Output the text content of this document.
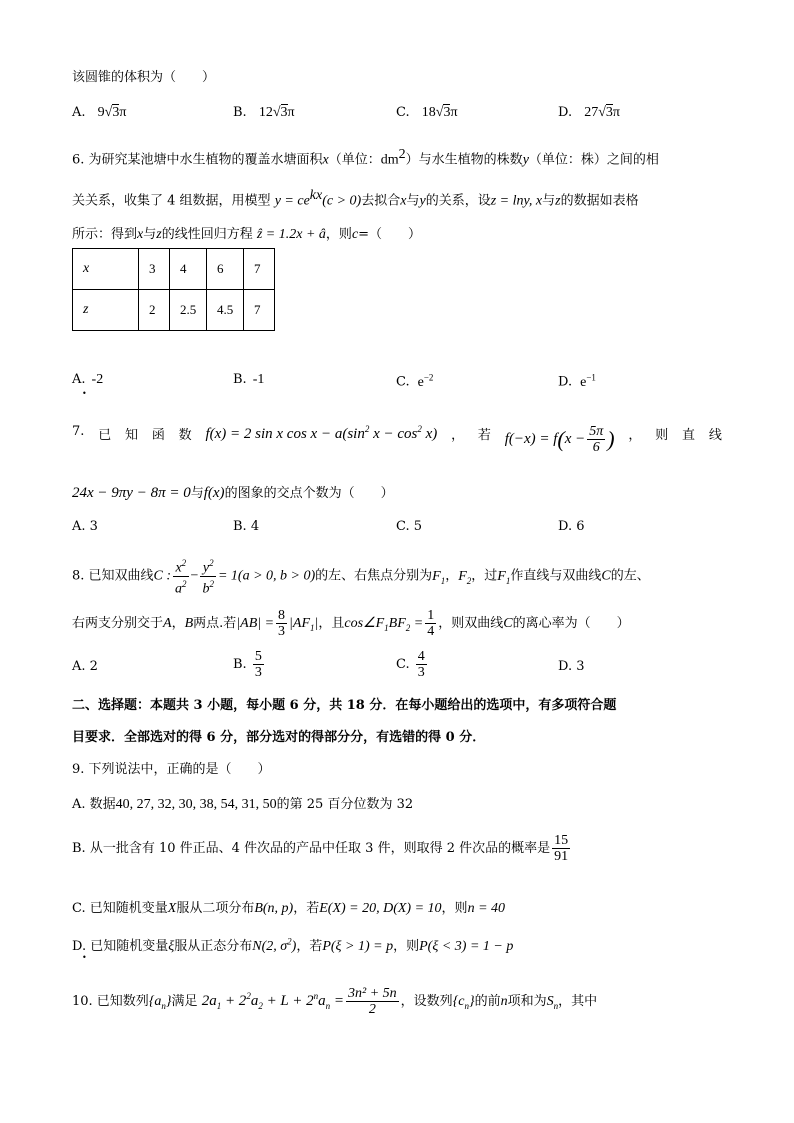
该圆锥的体积为（　　）
A. 9√3π	B. 12√3π	C. 18√3π	D. 27√3π
6. 为研究某池塘中水生植物的覆盖水塘面积x（单位：$dm^2$）与水生植物的株数y（单位：株）之间的相
关关系，收集了 4 组数据，用模型 $y = ce^{kx}(c > 0)$去拟合x与y的关系，设z = lny, x与z的数据如表格
所示：得到x与z的线性回归方程 ẑ = 1.2x + â，则c=（　　）
x	3	4	6	7
z	2	2.5	4.5	7
A. -2	B. -1	C. $e^{-2}$	D. $e^{-1}$
•
7. 已 知 函 数 f(x) = 2 sin x $\cos x - a(\sin^2$ $x - \cos^2 x$) ， 若 $f(-x) = f(x - \frac{5\pi}{6}$ ) ， 则 直 线
24x − 9πy − 8π = 0与f(x)的图象的交点个数为（　　）
A. 3	B. 4	C. 5	D. 6
8. 已知双曲线C : $\frac{x^2}{a^2} - \frac{y^2}{b^2} = 1(a > 0$, b > 0)的左、右焦点分别为$F_1$，$F_2$，过$F_1$作直线与双曲线C的左、
右两支分别交于A，B两点.若$|AB| = \frac{8}{3} |AF_1|$，且$\cos\angle F_1BF_2 = \frac{1}{4}$ ，则双曲线C的离心率为（　　）
A. 2	B. $\frac{5}{3}$	C. $\frac{4}{3}$	D. 3
二、选择题：本题共 3 小题，每小题 6 分，共 18 分．在每小题给出的选项中，有多项符合题
目要求．全部选对的得 6 分，部分选对的得部分分，有选错的得 0 分．
9. 下列说法中，正确的是（　　）
A. 数据40, 27, 32, 30, 38, 54, 31, 50的第 25 百分位数为 32
B. 从一批含有 10 件正品、4 件次品的产品中任取 3 件，则取得 2 件次品的概率是 $\frac{15}{91}$
C. 已知随机变量X服从二项分布B(n, p)，若E(X) = 20, D(X) = 10，则n = 40
D. 已知随机变量ξ服从正态分布N(2, $\sigma^2$)，若P(ξ > 1) = p，则P(ξ < 3) = 1 − p
•
10. 已知数列$\{a_n\}$满足 $2a_1 + 2^2a_2 + L + 2^na_n = \frac{\text{3n² + 5n}}{2}$ ，设数列$\{c_n\}$的前n项和为$S_n$，其中
